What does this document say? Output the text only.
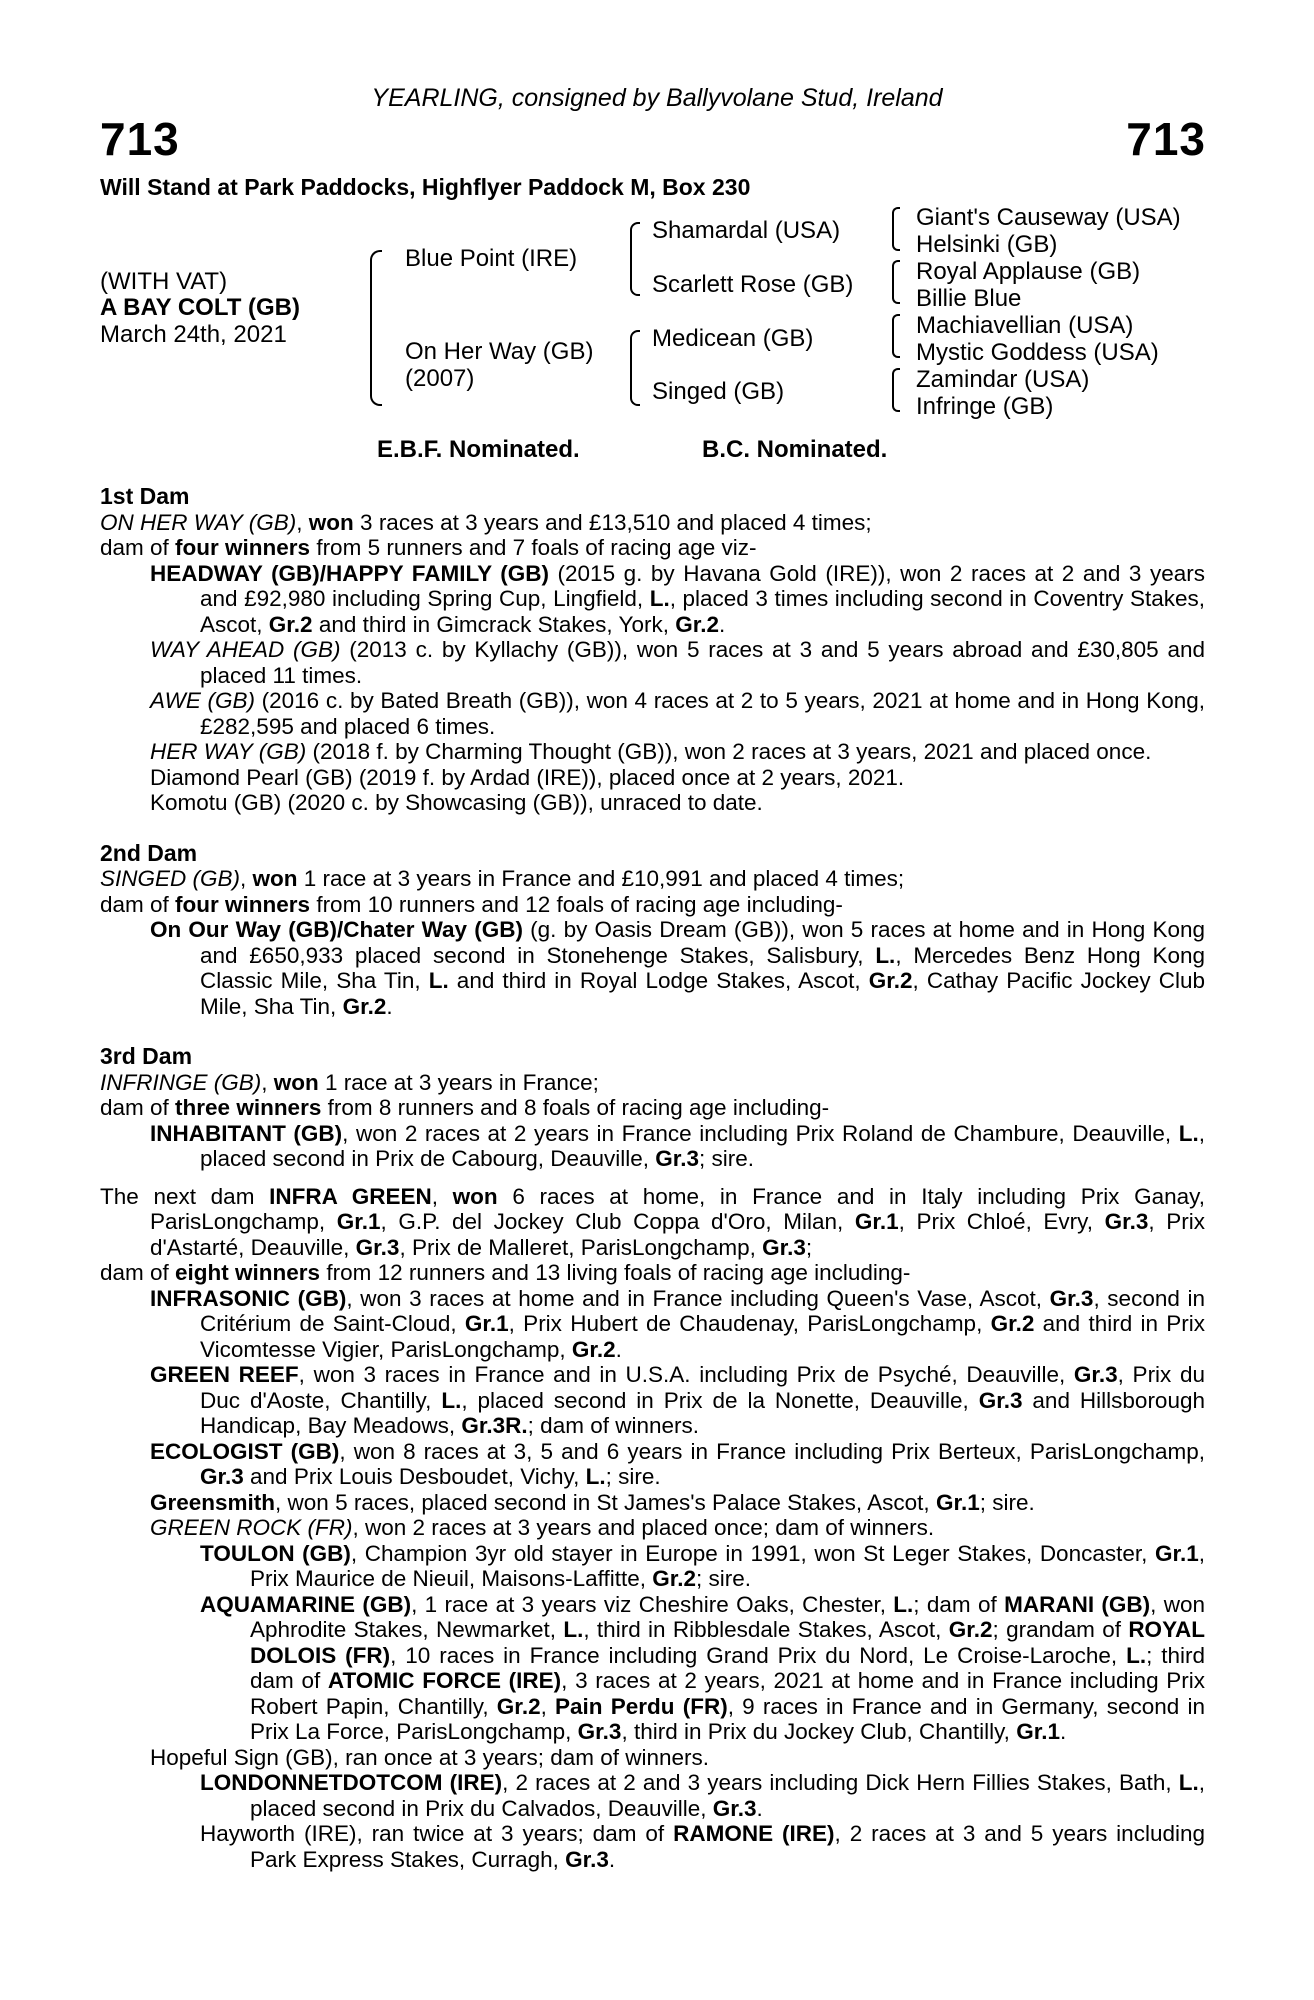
713
YEARLING, consigned by Ballyvolane Stud, Ireland
713
Will Stand at Park Paddocks, Highflyer Paddock M, Box 230
(WITH VAT)
A BAY COLT (GB)
March 24th, 2021
Blue Point (IRE)
On Her Way (GB)
(2007)
Shamardal (USA)
Scarlett Rose (GB)
Medicean (GB)
Singed (GB)
Giant's Causeway (USA)
Helsinki (GB)
Royal Applause (GB)
Billie Blue
Machiavellian (USA)
Mystic Goddess (USA)
Zamindar (USA)
Infringe (GB)
E.B.F. Nominated.	B.C. Nominated.
1st Dam
ON HER WAY (GB), won 3 races at 3 years and £13,510 and placed 4 times;
dam of four winners from 5 runners and 7 foals of racing age viz-
HEADWAY (GB)/HAPPY FAMILY (GB) (2015 g. by Havana Gold (IRE)), won 2 races at 2 and 3 years and £92,980 including Spring Cup, Lingfield, L., placed 3 times including second in Coventry Stakes, Ascot, Gr.2 and third in Gimcrack Stakes, York, Gr.2.
WAY AHEAD (GB) (2013 c. by Kyllachy (GB)), won 5 races at 3 and 5 years abroad and £30,805 and placed 11 times.
AWE (GB) (2016 c. by Bated Breath (GB)), won 4 races at 2 to 5 years, 2021 at home and in Hong Kong, £282,595 and placed 6 times.
HER WAY (GB) (2018 f. by Charming Thought (GB)), won 2 races at 3 years, 2021 and placed once.
Diamond Pearl (GB) (2019 f. by Ardad (IRE)), placed once at 2 years, 2021.
Komotu (GB) (2020 c. by Showcasing (GB)), unraced to date.
2nd Dam
SINGED (GB), won 1 race at 3 years in France and £10,991 and placed 4 times;
dam of four winners from 10 runners and 12 foals of racing age including-
On Our Way (GB)/Chater Way (GB) (g. by Oasis Dream (GB)), won 5 races at home and in Hong Kong and £650,933 placed second in Stonehenge Stakes, Salisbury, L., Mercedes Benz Hong Kong Classic Mile, Sha Tin, L. and third in Royal Lodge Stakes, Ascot, Gr.2, Cathay Pacific Jockey Club Mile, Sha Tin, Gr.2.
3rd Dam
INFRINGE (GB), won 1 race at 3 years in France;
dam of three winners from 8 runners and 8 foals of racing age including-
INHABITANT (GB), won 2 races at 2 years in France including Prix Roland de Chambure, Deauville, L., placed second in Prix de Cabourg, Deauville, Gr.3; sire.
The next dam INFRA GREEN, won 6 races at home, in France and in Italy including Prix Ganay, ParisLongchamp, Gr.1, G.P. del Jockey Club Coppa d'Oro, Milan, Gr.1, Prix Chloé, Evry, Gr.3, Prix d'Astarté, Deauville, Gr.3, Prix de Malleret, ParisLongchamp, Gr.3;
dam of eight winners from 12 runners and 13 living foals of racing age including-
INFRASONIC (GB), won 3 races at home and in France including Queen's Vase, Ascot, Gr.3, second in Critérium de Saint-Cloud, Gr.1, Prix Hubert de Chaudenay, ParisLongchamp, Gr.2 and third in Prix Vicomtesse Vigier, ParisLongchamp, Gr.2.
GREEN REEF, won 3 races in France and in U.S.A. including Prix de Psyché, Deauville, Gr.3, Prix du Duc d'Aoste, Chantilly, L., placed second in Prix de la Nonette, Deauville, Gr.3 and Hillsborough Handicap, Bay Meadows, Gr.3R.; dam of winners.
ECOLOGIST (GB), won 8 races at 3, 5 and 6 years in France including Prix Berteux, ParisLongchamp, Gr.3 and Prix Louis Desboudet, Vichy, L.; sire.
Greensmith, won 5 races, placed second in St James's Palace Stakes, Ascot, Gr.1; sire.
GREEN ROCK (FR), won 2 races at 3 years and placed once; dam of winners.
TOULON (GB), Champion 3yr old stayer in Europe in 1991, won St Leger Stakes, Doncaster, Gr.1, Prix Maurice de Nieuil, Maisons-Laffitte, Gr.2; sire.
AQUAMARINE (GB), 1 race at 3 years viz Cheshire Oaks, Chester, L.; dam of MARANI (GB), won Aphrodite Stakes, Newmarket, L., third in Ribblesdale Stakes, Ascot, Gr.2; grandam of ROYAL DOLOIS (FR), 10 races in France including Grand Prix du Nord, Le Croise-Laroche, L.; third dam of ATOMIC FORCE (IRE), 3 races at 2 years, 2021 at home and in France including Prix Robert Papin, Chantilly, Gr.2, Pain Perdu (FR), 9 races in France and in Germany, second in Prix La Force, ParisLongchamp, Gr.3, third in Prix du Jockey Club, Chantilly, Gr.1.
Hopeful Sign (GB), ran once at 3 years; dam of winners.
LONDONNETDOTCOM (IRE), 2 races at 2 and 3 years including Dick Hern Fillies Stakes, Bath, L., placed second in Prix du Calvados, Deauville, Gr.3.
Hayworth (IRE), ran twice at 3 years; dam of RAMONE (IRE), 2 races at 3 and 5 years including Park Express Stakes, Curragh, Gr.3.
